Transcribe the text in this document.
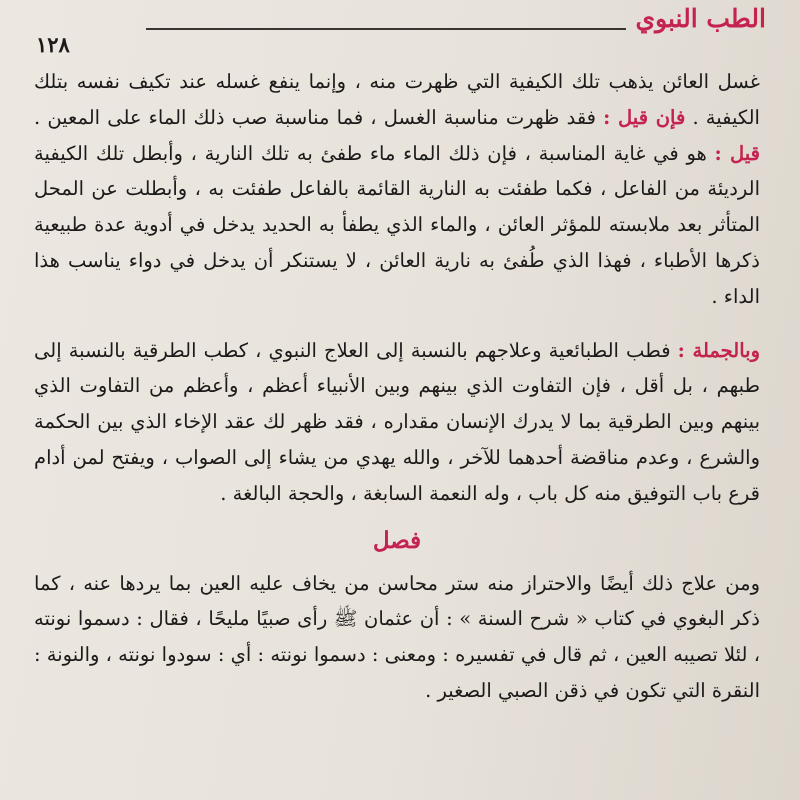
الطب النبوي
١٢٨

غسل العائن يذهب تلك الكيفية التي ظهرت منه ، وإنما ينفع غسله عند تكيف نفسه بتلك الكيفية . فإن قيل : فقد ظهرت مناسبة الغسل ، فما مناسبة صب ذلك الماء على المعين . قيل : هو في غاية المناسبة ، فإن ذلك الماء ماء طفئ به تلك النارية ، وأبطل تلك الكيفية الرديئة من الفاعل ، فكما طفئت به النارية القائمة بالفاعل طفئت به ، وأبطلت عن المحل المتأثر بعد ملابسته للمؤثر العائن ، والماء الذي يطفأ به الحديد يدخل في أدوية عدة طبيعية ذكرها الأطباء ، فهذا الذي طُفئ به نارية العائن ، لا يستنكر أن يدخل في دواء يناسب هذا الداء .

وبالجملة : فطب الطبائعية وعلاجهم بالنسبة إلى العلاج النبوي ، كطب الطرقية بالنسبة إلى طبهم ، بل أقل ، فإن التفاوت الذي بينهم وبين الأنبياء أعظم ، وأعظم من التفاوت الذي بينهم وبين الطرقية بما لا يدرك الإنسان مقداره ، فقد ظهر لك عقد الإخاء الذي بين الحكمة والشرع ، وعدم مناقضة أحدهما للآخر ، والله يهدي من يشاء إلى الصواب ، ويفتح لمن أدام قرع باب التوفيق منه كل باب ، وله النعمة السابغة ، والحجة البالغة .

فصل

ومن علاج ذلك أيضًا والاحتراز منه ستر محاسن من يخاف عليه العين بما يردها عنه ، كما ذكر البغوي في كتاب « شرح السنة » : أن عثمان ﷺ رأى صبيًا مليحًا ، فقال : دسموا نونته ، لئلا تصيبه العين ، ثم قال في تفسيره : ومعنى : دسموا نونته : أي : سودوا نونته ، والنونة : النقرة التي تكون في ذقن الصبي الصغير .
